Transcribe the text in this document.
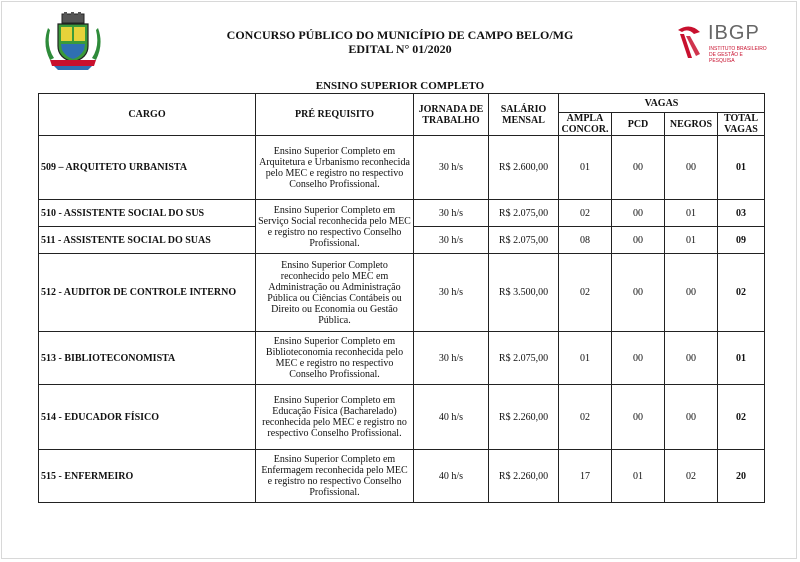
CONCURSO PÚBLICO DO MUNICÍPIO DE CAMPO BELO/MG
EDITAL N° 01/2020
IBGP
INSTITUTO BRASILEIRO DE GESTÃO E PESQUISA
ENSINO SUPERIOR COMPLETO
CARGO	PRÉ REQUISITO	JORNADA DE TRABALHO	SALÁRIO MENSAL	VAGAS			
				AMPLA CONCOR.	PCD	NEGROS	TOTAL VAGAS
509 – ARQUITETO URBANISTA	Ensino Superior Completo em Arquitetura e Urbanismo reconhecida pelo MEC e registro no respectivo Conselho Profissional.	30 h/s	R$ 2.600,00	01	00	00	01
510 - ASSISTENTE SOCIAL DO SUS	Ensino Superior Completo em Serviço Social reconhecida pelo MEC e registro no respectivo Conselho Profissional.	30 h/s	R$ 2.075,00	02	00	01	03
511 - ASSISTENTE SOCIAL DO SUAS		30 h/s	R$ 2.075,00	08	00	01	09
512 - AUDITOR DE CONTROLE INTERNO	Ensino Superior Completo reconhecido pelo MEC em Administração ou Administração Pública ou Ciências Contábeis ou Direito ou Economia ou Gestão Pública.	30 h/s	R$ 3.500,00	02	00	00	02
513 - BIBLIOTECONOMISTA	Ensino Superior Completo em Biblioteconomia reconhecida pelo MEC e registro no respectivo Conselho Profissional.	30 h/s	R$ 2.075,00	01	00	00	01
514 - EDUCADOR FÍSICO	Ensino Superior Completo em Educação Física (Bacharelado) reconhecida pelo MEC e registro no respectivo Conselho Profissional.	40 h/s	R$ 2.260,00	02	00	00	02
515 - ENFERMEIRO	Ensino Superior Completo em Enfermagem reconhecida pelo MEC e registro no respectivo Conselho Profissional.	40 h/s	R$ 2.260,00	17	01	02	20
